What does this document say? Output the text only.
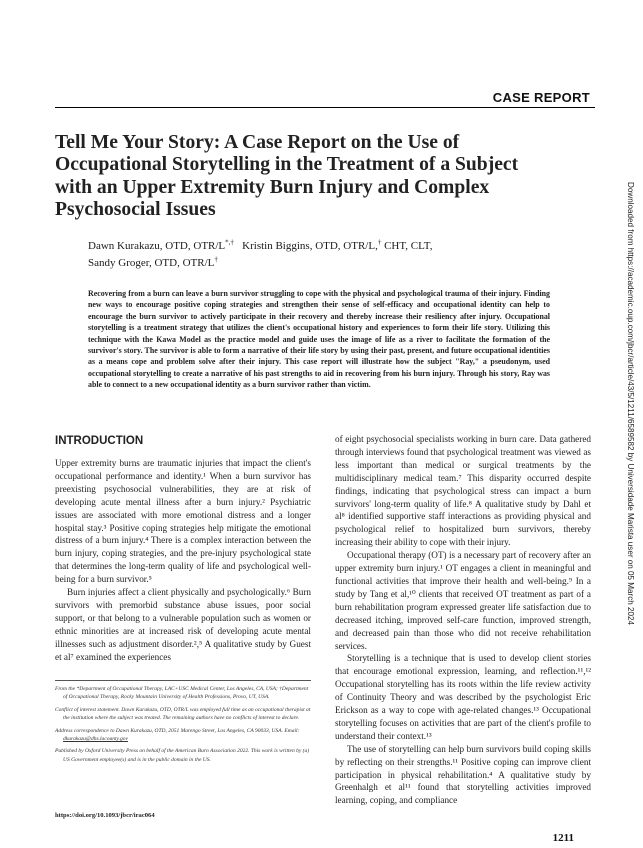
Downloaded from https://academic.oup.com/jbcr/article/43/5/1211/6589582 by Universidade Marista user on 05 March 2024
CASE REPORT
Tell Me Your Story: A Case Report on the Use of Occupational Storytelling in the Treatment of a Subject with an Upper Extremity Burn Injury and Complex Psychosocial Issues
Dawn Kurakazu, OTD, OTR/L*,† Kristin Biggins, OTD, OTR/L,† CHT, CLT,
Sandy Groger, OTD, OTR/L†

Recovering from a burn can leave a burn survivor struggling to cope with the physical and psychological trauma of their injury. Finding new ways to encourage positive coping strategies and strengthen their sense of self-efficacy and occupational identity can help to encourage the burn survivor to actively participate in their recovery and thereby increase their resiliency after injury. Occupational storytelling is a treatment strategy that utilizes the client's occupational history and experiences to form their life story. Utilizing this technique with the Kawa Model as the practice model and guide uses the image of life as a river to facilitate the formation of the survivor's story. The survivor is able to form a narrative of their life story by using their past, present, and future occupational identities as a means cope and problem solve after their injury. This case report will illustrate how the subject "Ray," a pseudonym, used occupational storytelling to create a narrative of his past strengths to aid in recovering from his burn injury. Through his story, Ray was able to connect to a new occupational identity as a burn survivor rather than victim.

INTRODUCTION

Upper extremity burns are traumatic injuries that impact the client's occupational performance and identity.¹ When a burn survivor has preexisting psychosocial vulnerabilities, they are at risk of developing acute mental illness after a burn injury.² Psychiatric issues are associated with more emotional distress and a longer hospital stay.³ Positive coping strategies help mitigate the emotional distress of a burn injury.⁴ There is a complex interaction between the burn injury, coping strategies, and the pre-injury psychological state that determines the long-term quality of life and psychological well-being for a burn survivor.⁵

Burn injuries affect a client physically and psychologically.⁶ Burn survivors with premorbid substance abuse issues, poor social support, or that belong to a vulnerable population such as women or ethnic minorities are at increased risk of developing acute mental illnesses such as adjustment disorder.²,⁵ A qualitative study by Guest et al⁷ examined the experiences

of eight psychosocial specialists working in burn care. Data gathered through interviews found that psychological treatment was viewed as less important than medical or surgical treatments by the multidisciplinary medical team.⁷ This disparity occurred despite findings, indicating that psychological stress can impact a burn survivors' long-term quality of life.⁸ A qualitative study by Dahl et al⁸ identified supportive staff interactions as providing physical and psychological relief to hospitalized burn survivors, thereby increasing their ability to cope with their injury.

Occupational therapy (OT) is a necessary part of recovery after an upper extremity burn injury.¹ OT engages a client in meaningful and functional activities that improve their health and well-being.⁹ In a study by Tang et al,¹⁰ clients that received OT treatment as part of a burn rehabilitation program expressed greater life satisfaction due to decreased itching, improved self-care function, improved strength, and decreased pain than those who did not receive rehabilitation services.

Storytelling is a technique that is used to develop client stories that encourage emotional expression, learning, and reflection.¹¹,¹² Occupational storytelling has its roots within the life review activity of Continuity Theory and was described by the psychologist Eric Erickson as a way to cope with age-related changes.¹³ Occupational storytelling focuses on activities that are part of the client's profile to understand their context.¹³

The use of storytelling can help burn survivors build coping skills by reflecting on their strengths.¹¹ Positive coping can improve client participation in physical rehabilitation.⁴ A qualitative study by Greenhalgh et al¹¹ found that storytelling activities improved learning, coping, and compliance

From the *Department of Occupational Therapy, LAC+USC Medical Center, Los Angeles, CA, USA; †Department of Occupational Therapy, Rocky Mountain University of Health Professions, Provo, UT, USA.

Conflict of interest statement. Dawn Kurakazu, OTD, OTR/L was employed full time as an occupational therapist at the institution where the subject was treated. The remaining authors have no conflicts of interest to declare.

Address correspondence to Dawn Kurakazu, OTD, 2051 Marengo Street, Los Angeles, CA 90033, USA. Email: dkurakazu@dhs.lacounty.gov

Published by Oxford University Press on behalf of the American Burn Association 2022. This work is written by (a) US Government employee(s) and is in the public domain in the US.

https://doi.org/10.1093/jbcr/irac064
1211
